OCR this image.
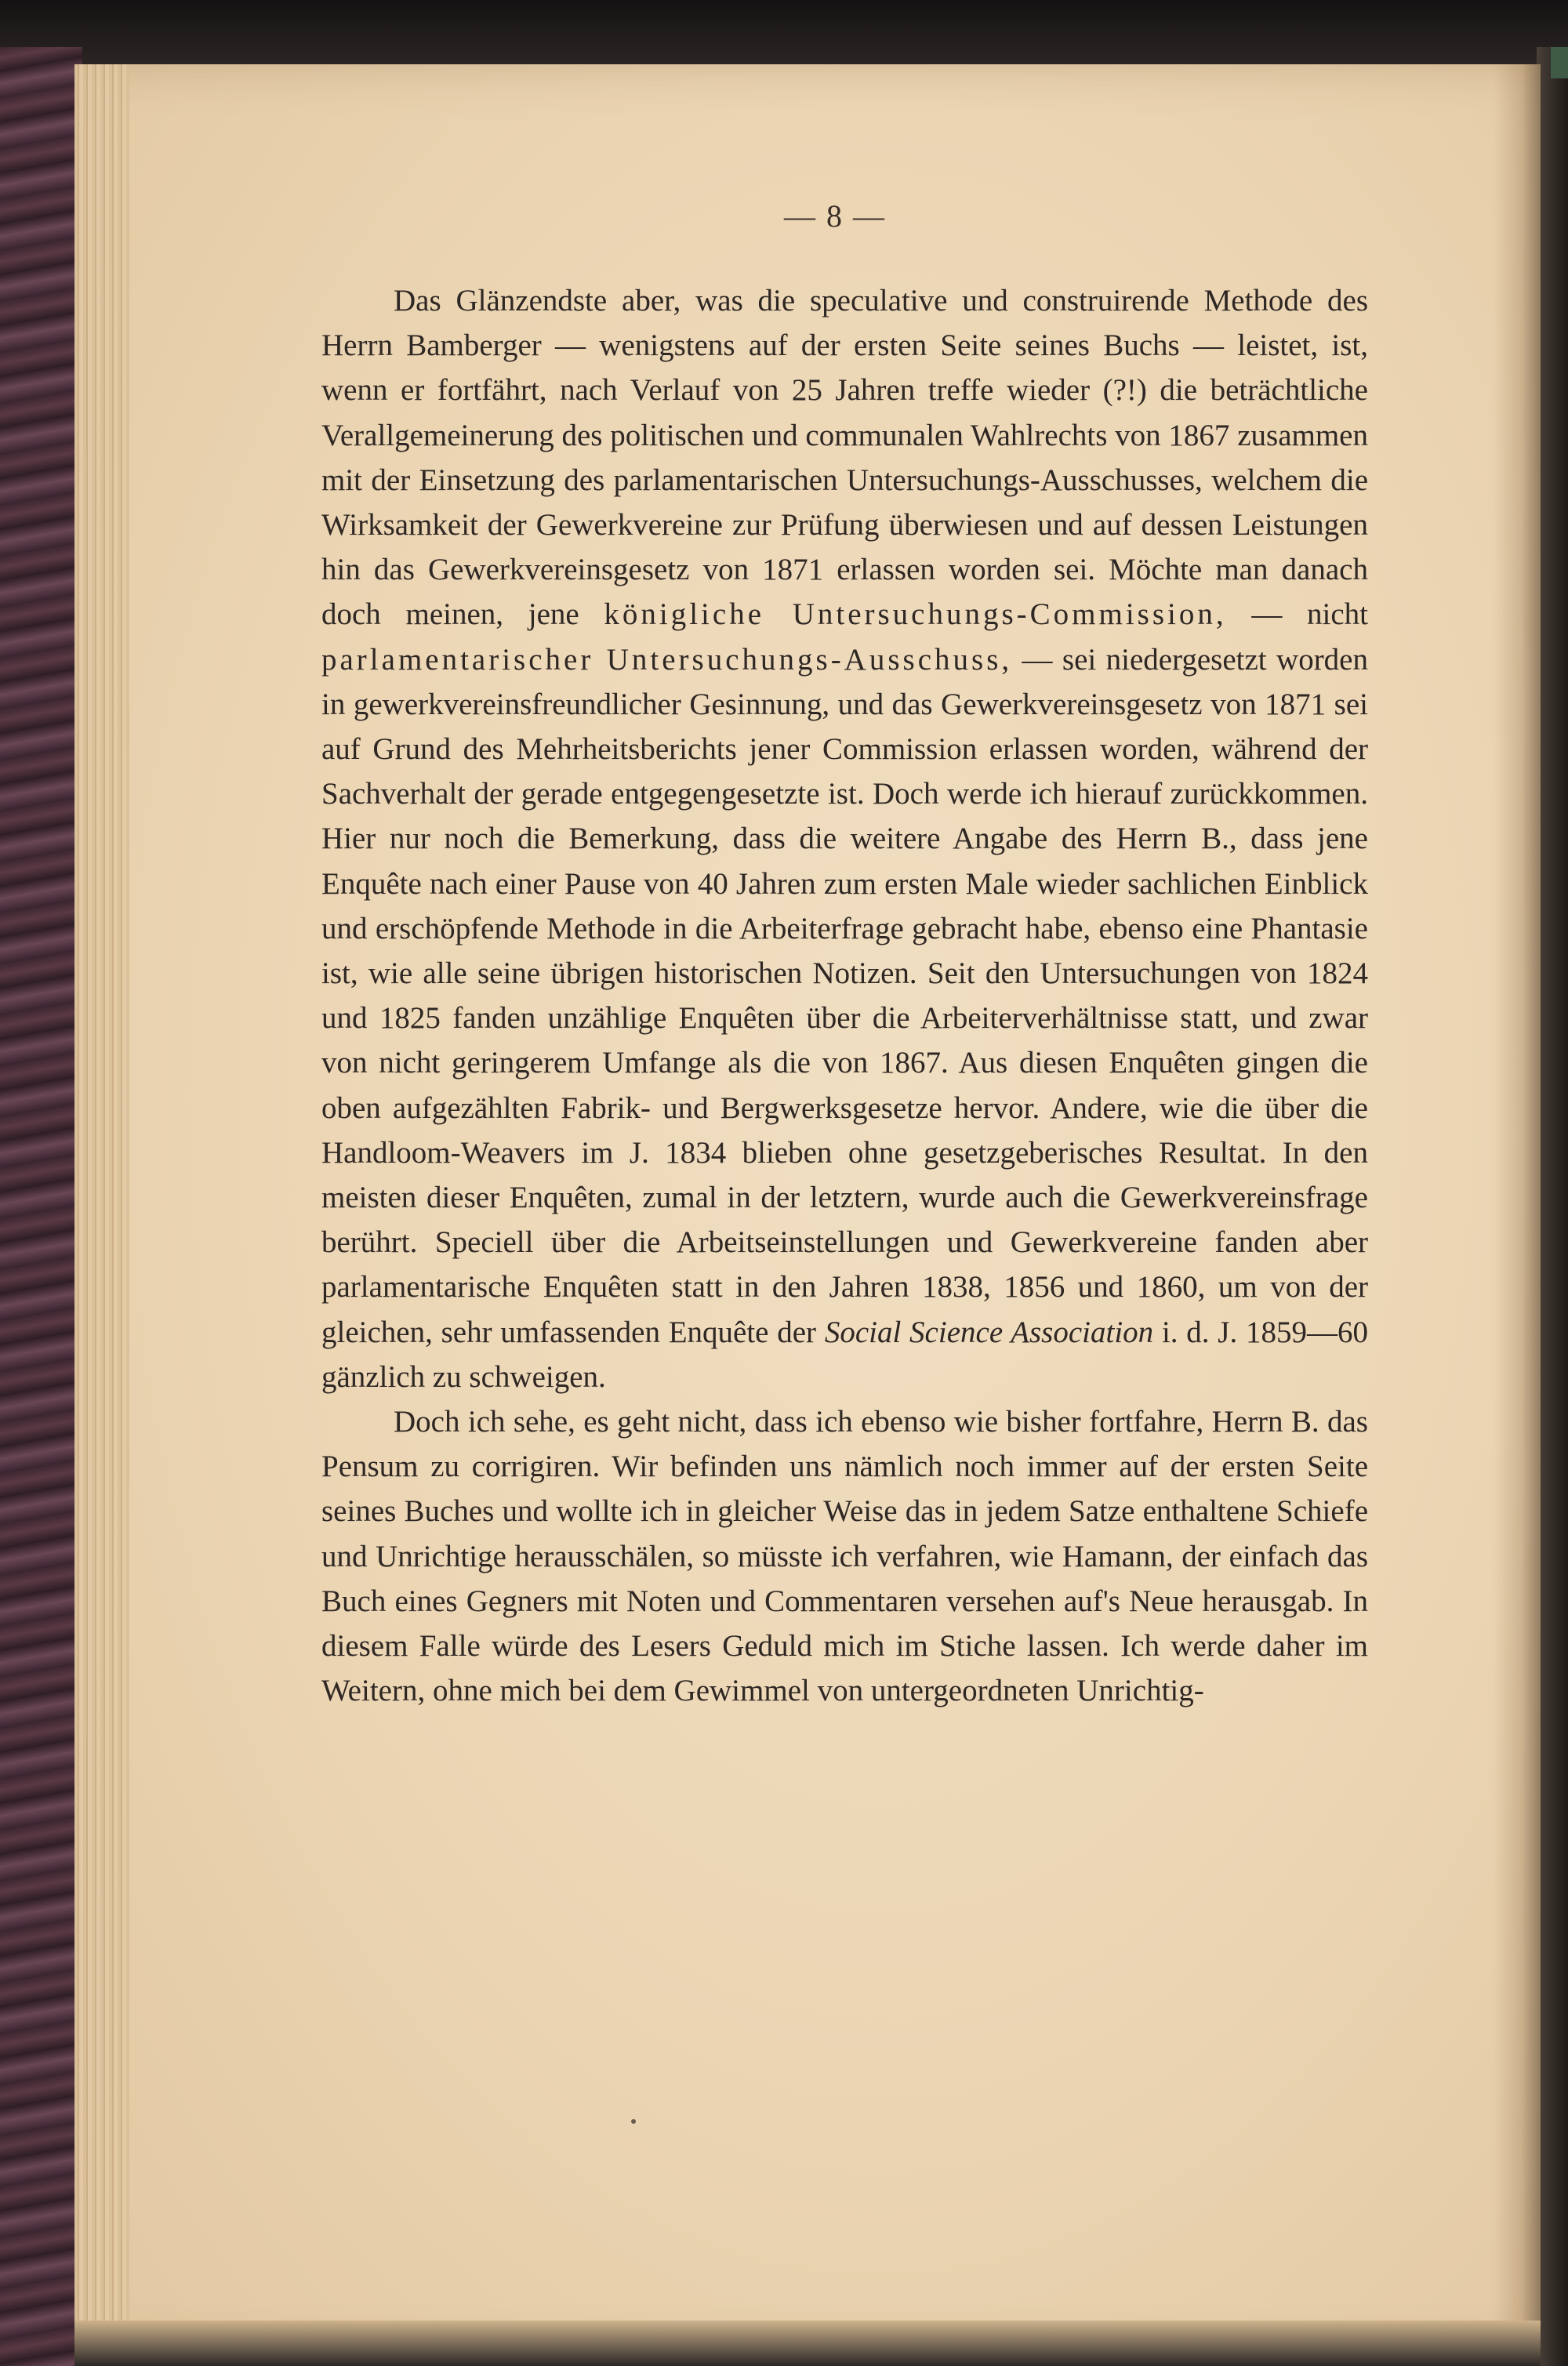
— 8 —

Das Glänzendste aber, was die speculative und construirende Methode des Herrn Bamberger — wenigstens auf der ersten Seite seines Buchs — leistet, ist, wenn er fortfährt, nach Verlauf von 25 Jahren treffe wieder (?!) die beträchtliche Verallgemeinerung des politischen und communalen Wahlrechts von 1867 zusammen mit der Einsetzung des parlamentarischen Untersuchungs-Ausschusses, welchem die Wirksamkeit der Gewerkvereine zur Prüfung überwiesen und auf dessen Leistungen hin das Gewerkvereinsgesetz von 1871 erlassen worden sei. Möchte man danach doch meinen, jene königliche Untersuchungs-Commission, — nicht parlamentarischer Untersuchungs-Ausschuss, — sei niedergesetzt worden in gewerkvereinsfreundlicher Gesinnung, und das Gewerkvereinsgesetz von 1871 sei auf Grund des Mehrheitsberichts jener Commission erlassen worden, während der Sachverhalt der gerade entgegengesetzte ist. Doch werde ich hierauf zurückkommen. Hier nur noch die Bemerkung, dass die weitere Angabe des Herrn B., dass jene Enquête nach einer Pause von 40 Jahren zum ersten Male wieder sachlichen Einblick und erschöpfende Methode in die Arbeiterfrage gebracht habe, ebenso eine Phantasie ist, wie alle seine übrigen historischen Notizen. Seit den Untersuchungen von 1824 und 1825 fanden unzählige Enquêten über die Arbeiterverhältnisse statt, und zwar von nicht geringerem Umfange als die von 1867. Aus diesen Enquêten gingen die oben aufgezählten Fabrik- und Bergwerksgesetze hervor. Andere, wie die über die Handloom-Weavers im J. 1834 blieben ohne gesetzgeberisches Resultat. In den meisten dieser Enquêten, zumal in der letztern, wurde auch die Gewerkvereinsfrage berührt. Speciell über die Arbeitseinstellungen und Gewerkvereine fanden aber parlamentarische Enquêten statt in den Jahren 1838, 1856 und 1860, um von der gleichen, sehr umfassenden Enquête der Social Science Association i. d. J. 1859—60 gänzlich zu schweigen.

Doch ich sehe, es geht nicht, dass ich ebenso wie bisher fortfahre, Herrn B. das Pensum zu corrigiren. Wir befinden uns nämlich noch immer auf der ersten Seite seines Buches und wollte ich in gleicher Weise das in jedem Satze enthaltene Schiefe und Unrichtige herausschälen, so müsste ich verfahren, wie Hamann, der einfach das Buch eines Gegners mit Noten und Commentaren versehen auf's Neue herausgab. In diesem Falle würde des Lesers Geduld mich im Stiche lassen. Ich werde daher im Weitern, ohne mich bei dem Gewimmel von untergeordneten Unrichtig-
